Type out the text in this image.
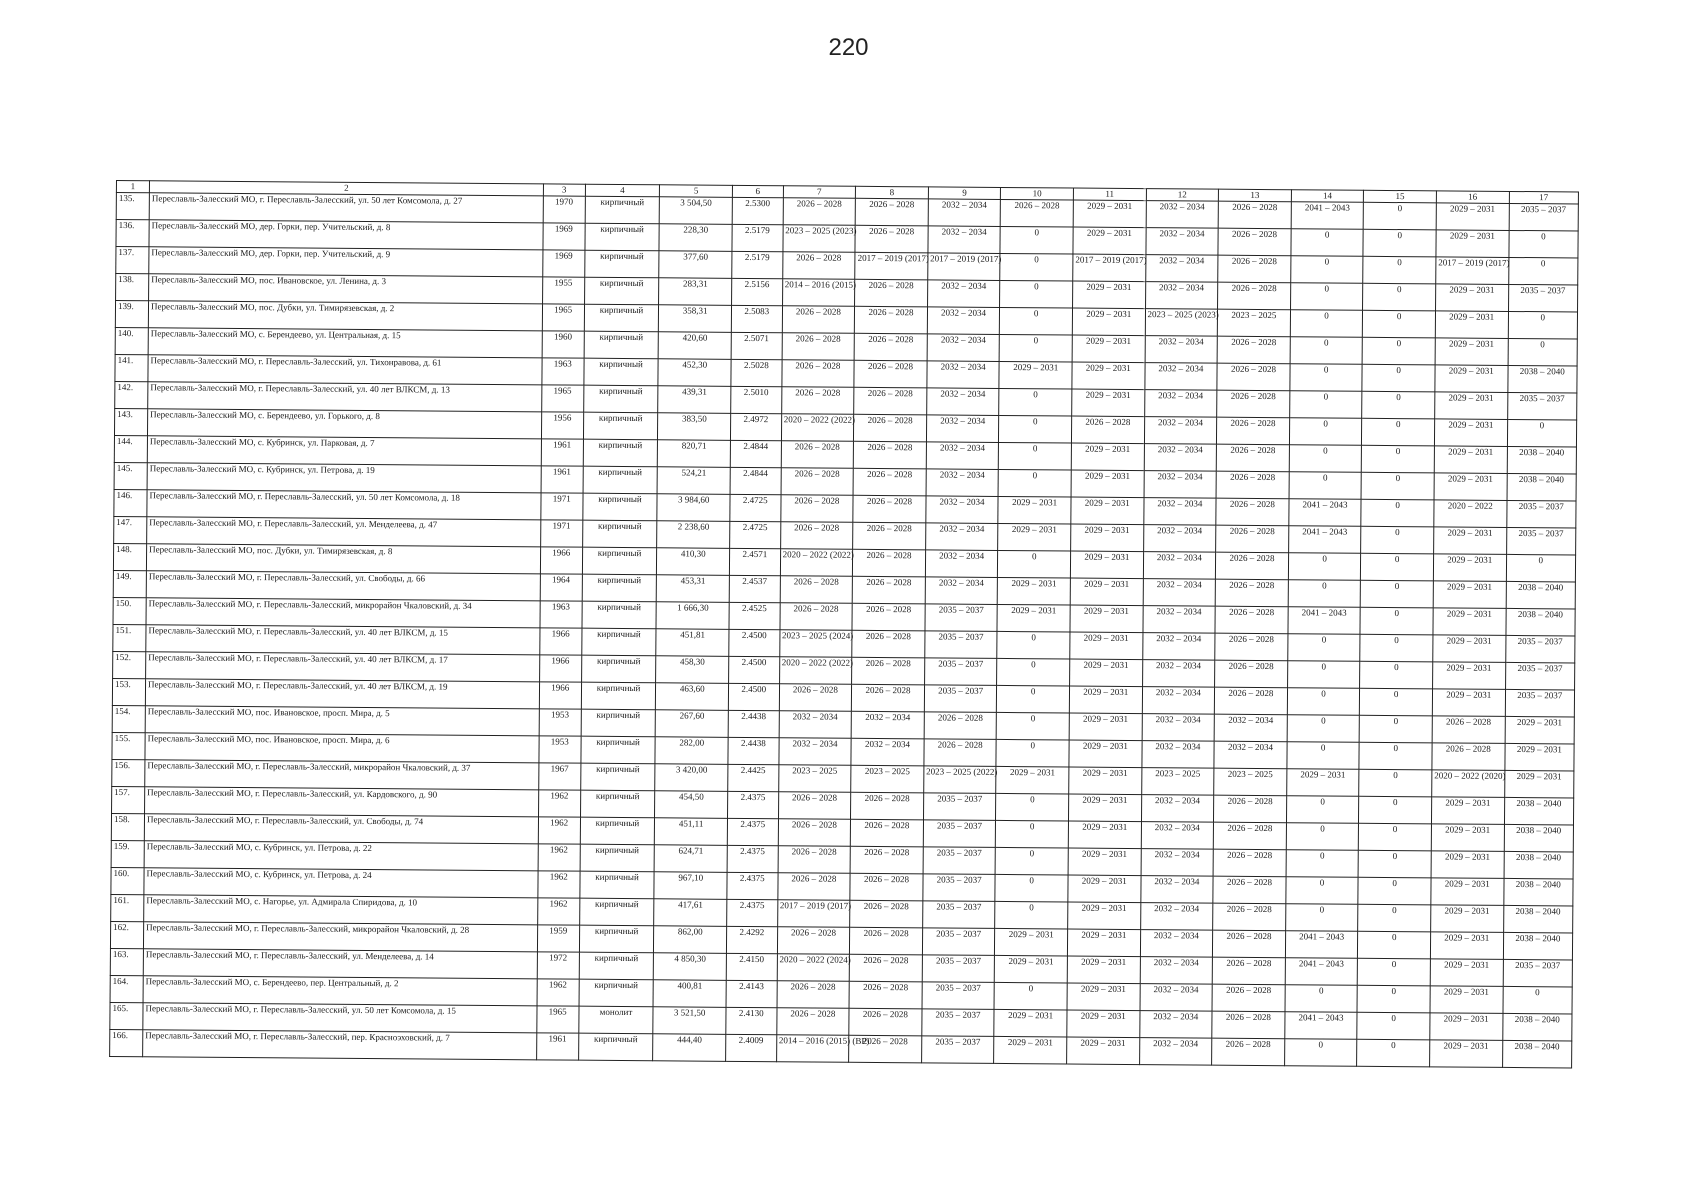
220
1	2	3	4	5	6	7	8	9	10	11	12	13	14	15	16	17
135.	Переславль-Залесский МО, г. Переславль-Залесский, ул. 50 лет Комсомола, д. 27	1970	кирпичный	3 504,50	2.5300	2026 – 2028	2026 – 2028	2032 – 2034	2026 – 2028	2029 – 2031	2032 – 2034	2026 – 2028	2041 – 2043	0	2029 – 2031	2035 – 2037
136.	Переславль-Залесский МО, дер. Горки, пер. Учительский, д. 8	1969	кирпичный	228,30	2.5179	2023 – 2025 (2023)	2026 – 2028	2032 – 2034	0	2029 – 2031	2032 – 2034	2026 – 2028	0	0	2029 – 2031	0
137.	Переславль-Залесский МО, дер. Горки, пер. Учительский, д. 9	1969	кирпичный	377,60	2.5179	2026 – 2028	2017 – 2019 (2017)	2017 – 2019 (2017)	0	2017 – 2019 (2017)	2032 – 2034	2026 – 2028	0	0	2017 – 2019 (2017)	0
138.	Переславль-Залесский МО, пос. Ивановское, ул. Ленина, д. 3	1955	кирпичный	283,31	2.5156	2014 – 2016 (2015)	2026 – 2028	2032 – 2034	0	2029 – 2031	2032 – 2034	2026 – 2028	0	0	2029 – 2031	2035 – 2037
139.	Переславль-Залесский МО, пос. Дубки, ул. Тимирязевская, д. 2	1965	кирпичный	358,31	2.5083	2026 – 2028	2026 – 2028	2032 – 2034	0	2029 – 2031	2023 – 2025 (2023)	2023 – 2025	0	0	2029 – 2031	0
140.	Переславль-Залесский МО, с. Берендеево, ул. Центральная, д. 15	1960	кирпичный	420,60	2.5071	2026 – 2028	2026 – 2028	2032 – 2034	0	2029 – 2031	2032 – 2034	2026 – 2028	0	0	2029 – 2031	0
141.	Переславль-Залесский МО, г. Переславль-Залесский, ул. Тихонравова, д. 61	1963	кирпичный	452,30	2.5028	2026 – 2028	2026 – 2028	2032 – 2034	2029 – 2031	2029 – 2031	2032 – 2034	2026 – 2028	0	0	2029 – 2031	2038 – 2040
142.	Переславль-Залесский МО, г. Переславль-Залесский, ул. 40 лет ВЛКСМ, д. 13	1965	кирпичный	439,31	2.5010	2026 – 2028	2026 – 2028	2032 – 2034	0	2029 – 2031	2032 – 2034	2026 – 2028	0	0	2029 – 2031	2035 – 2037
143.	Переславль-Залесский МО, с. Берендеево, ул. Горького, д. 8	1956	кирпичный	383,50	2.4972	2020 – 2022 (2022)	2026 – 2028	2032 – 2034	0	2026 – 2028	2032 – 2034	2026 – 2028	0	0	2029 – 2031	0
144.	Переславль-Залесский МО, с. Кубринск, ул. Парковая, д. 7	1961	кирпичный	820,71	2.4844	2026 – 2028	2026 – 2028	2032 – 2034	0	2029 – 2031	2032 – 2034	2026 – 2028	0	0	2029 – 2031	2038 – 2040
145.	Переславль-Залесский МО, с. Кубринск, ул. Петрова, д. 19	1961	кирпичный	524,21	2.4844	2026 – 2028	2026 – 2028	2032 – 2034	0	2029 – 2031	2032 – 2034	2026 – 2028	0	0	2029 – 2031	2038 – 2040
146.	Переславль-Залесский МО, г. Переславль-Залесский, ул. 50 лет Комсомола, д. 18	1971	кирпичный	3 984,60	2.4725	2026 – 2028	2026 – 2028	2032 – 2034	2029 – 2031	2029 – 2031	2032 – 2034	2026 – 2028	2041 – 2043	0	2020 – 2022	2035 – 2037
147.	Переславль-Залесский МО, г. Переславль-Залесский, ул. Менделеева, д. 47	1971	кирпичный	2 238,60	2.4725	2026 – 2028	2026 – 2028	2032 – 2034	2029 – 2031	2029 – 2031	2032 – 2034	2026 – 2028	2041 – 2043	0	2029 – 2031	2035 – 2037
148.	Переславль-Залесский МО, пос. Дубки, ул. Тимирязевская, д. 8	1966	кирпичный	410,30	2.4571	2020 – 2022 (2022)	2026 – 2028	2032 – 2034	0	2029 – 2031	2032 – 2034	2026 – 2028	0	0	2029 – 2031	0
149.	Переславль-Залесский МО, г. Переславль-Залесский, ул. Свободы, д. 66	1964	кирпичный	453,31	2.4537	2026 – 2028	2026 – 2028	2032 – 2034	2029 – 2031	2029 – 2031	2032 – 2034	2026 – 2028	0	0	2029 – 2031	2038 – 2040
150.	Переславль-Залесский МО, г. Переславль-Залесский, микрорайон Чкаловский, д. 34	1963	кирпичный	1 666,30	2.4525	2026 – 2028	2026 – 2028	2035 – 2037	2029 – 2031	2029 – 2031	2032 – 2034	2026 – 2028	2041 – 2043	0	2029 – 2031	2038 – 2040
151.	Переславль-Залесский МО, г. Переславль-Залесский, ул. 40 лет ВЛКСМ, д. 15	1966	кирпичный	451,81	2.4500	2023 – 2025 (2024)	2026 – 2028	2035 – 2037	0	2029 – 2031	2032 – 2034	2026 – 2028	0	0	2029 – 2031	2035 – 2037
152.	Переславль-Залесский МО, г. Переславль-Залесский, ул. 40 лет ВЛКСМ, д. 17	1966	кирпичный	458,30	2.4500	2020 – 2022 (2022)	2026 – 2028	2035 – 2037	0	2029 – 2031	2032 – 2034	2026 – 2028	0	0	2029 – 2031	2035 – 2037
153.	Переславль-Залесский МО, г. Переславль-Залесский, ул. 40 лет ВЛКСМ, д. 19	1966	кирпичный	463,60	2.4500	2026 – 2028	2026 – 2028	2035 – 2037	0	2029 – 2031	2032 – 2034	2026 – 2028	0	0	2029 – 2031	2035 – 2037
154.	Переславль-Залесский МО, пос. Ивановское, просп. Мира, д. 5	1953	кирпичный	267,60	2.4438	2032 – 2034	2032 – 2034	2026 – 2028	0	2029 – 2031	2032 – 2034	2032 – 2034	0	0	2026 – 2028	2029 – 2031
155.	Переславль-Залесский МО, пос. Ивановское, просп. Мира, д. 6	1953	кирпичный	282,00	2.4438	2032 – 2034	2032 – 2034	2026 – 2028	0	2029 – 2031	2032 – 2034	2032 – 2034	0	0	2026 – 2028	2029 – 2031
156.	Переславль-Залесский МО, г. Переславль-Залесский, микрорайон Чкаловский, д. 37	1967	кирпичный	3 420,00	2.4425	2023 – 2025	2023 – 2025	2023 – 2025 (2022)	2029 – 2031	2029 – 2031	2023 – 2025	2023 – 2025	2029 – 2031	0	2020 – 2022 (2020)	2029 – 2031
157.	Переславль-Залесский МО, г. Переславль-Залесский, ул. Кардовского, д. 90	1962	кирпичный	454,50	2.4375	2026 – 2028	2026 – 2028	2035 – 2037	0	2029 – 2031	2032 – 2034	2026 – 2028	0	0	2029 – 2031	2038 – 2040
158.	Переславль-Залесский МО, г. Переславль-Залесский, ул. Свободы, д. 74	1962	кирпичный	451,11	2.4375	2026 – 2028	2026 – 2028	2035 – 2037	0	2029 – 2031	2032 – 2034	2026 – 2028	0	0	2029 – 2031	2038 – 2040
159.	Переславль-Залесский МО, с. Кубринск, ул. Петрова, д. 22	1962	кирпичный	624,71	2.4375	2026 – 2028	2026 – 2028	2035 – 2037	0	2029 – 2031	2032 – 2034	2026 – 2028	0	0	2029 – 2031	2038 – 2040
160.	Переславль-Залесский МО, с. Кубринск, ул. Петрова, д. 24	1962	кирпичный	967,10	2.4375	2026 – 2028	2026 – 2028	2035 – 2037	0	2029 – 2031	2032 – 2034	2026 – 2028	0	0	2029 – 2031	2038 – 2040
161.	Переславль-Залесский МО, с. Нагорье, ул. Адмирала Спиридова, д. 10	1962	кирпичный	417,61	2.4375	2017 – 2019 (2017)	2026 – 2028	2035 – 2037	0	2029 – 2031	2032 – 2034	2026 – 2028	0	0	2029 – 2031	2038 – 2040
162.	Переславль-Залесский МО, г. Переславль-Залесский, микрорайон Чкаловский, д. 28	1959	кирпичный	862,00	2.4292	2026 – 2028	2026 – 2028	2035 – 2037	2029 – 2031	2029 – 2031	2032 – 2034	2026 – 2028	2041 – 2043	0	2029 – 2031	2038 – 2040
163.	Переславль-Залесский МО, г. Переславль-Залесский, ул. Менделеева, д. 14	1972	кирпичный	4 850,30	2.4150	2020 – 2022 (2024)	2026 – 2028	2035 – 2037	2029 – 2031	2029 – 2031	2032 – 2034	2026 – 2028	2041 – 2043	0	2029 – 2031	2035 – 2037
164.	Переславль-Залесский МО, с. Берендеево, пер. Центральный, д. 2	1962	кирпичный	400,81	2.4143	2026 – 2028	2026 – 2028	2035 – 2037	0	2029 – 2031	2032 – 2034	2026 – 2028	0	0	2029 – 2031	0
165.	Переславль-Залесский МО, г. Переславль-Залесский, ул. 50 лет Комсомола, д. 15	1965	монолит	3 521,50	2.4130	2026 – 2028	2026 – 2028	2035 – 2037	2029 – 2031	2029 – 2031	2032 – 2034	2026 – 2028	2041 – 2043	0	2029 – 2031	2038 – 2040
166.	Переславль-Залесский МО, г. Переславль-Залесский, пер. Красноэховский, д. 7	1961	кирпичный	444,40	2.4009	2014 – 2016 (2015) (ВР)	2026 – 2028	2035 – 2037	2029 – 2031	2029 – 2031	2032 – 2034	2026 – 2028	0	0	2029 – 2031	2038 – 2040
